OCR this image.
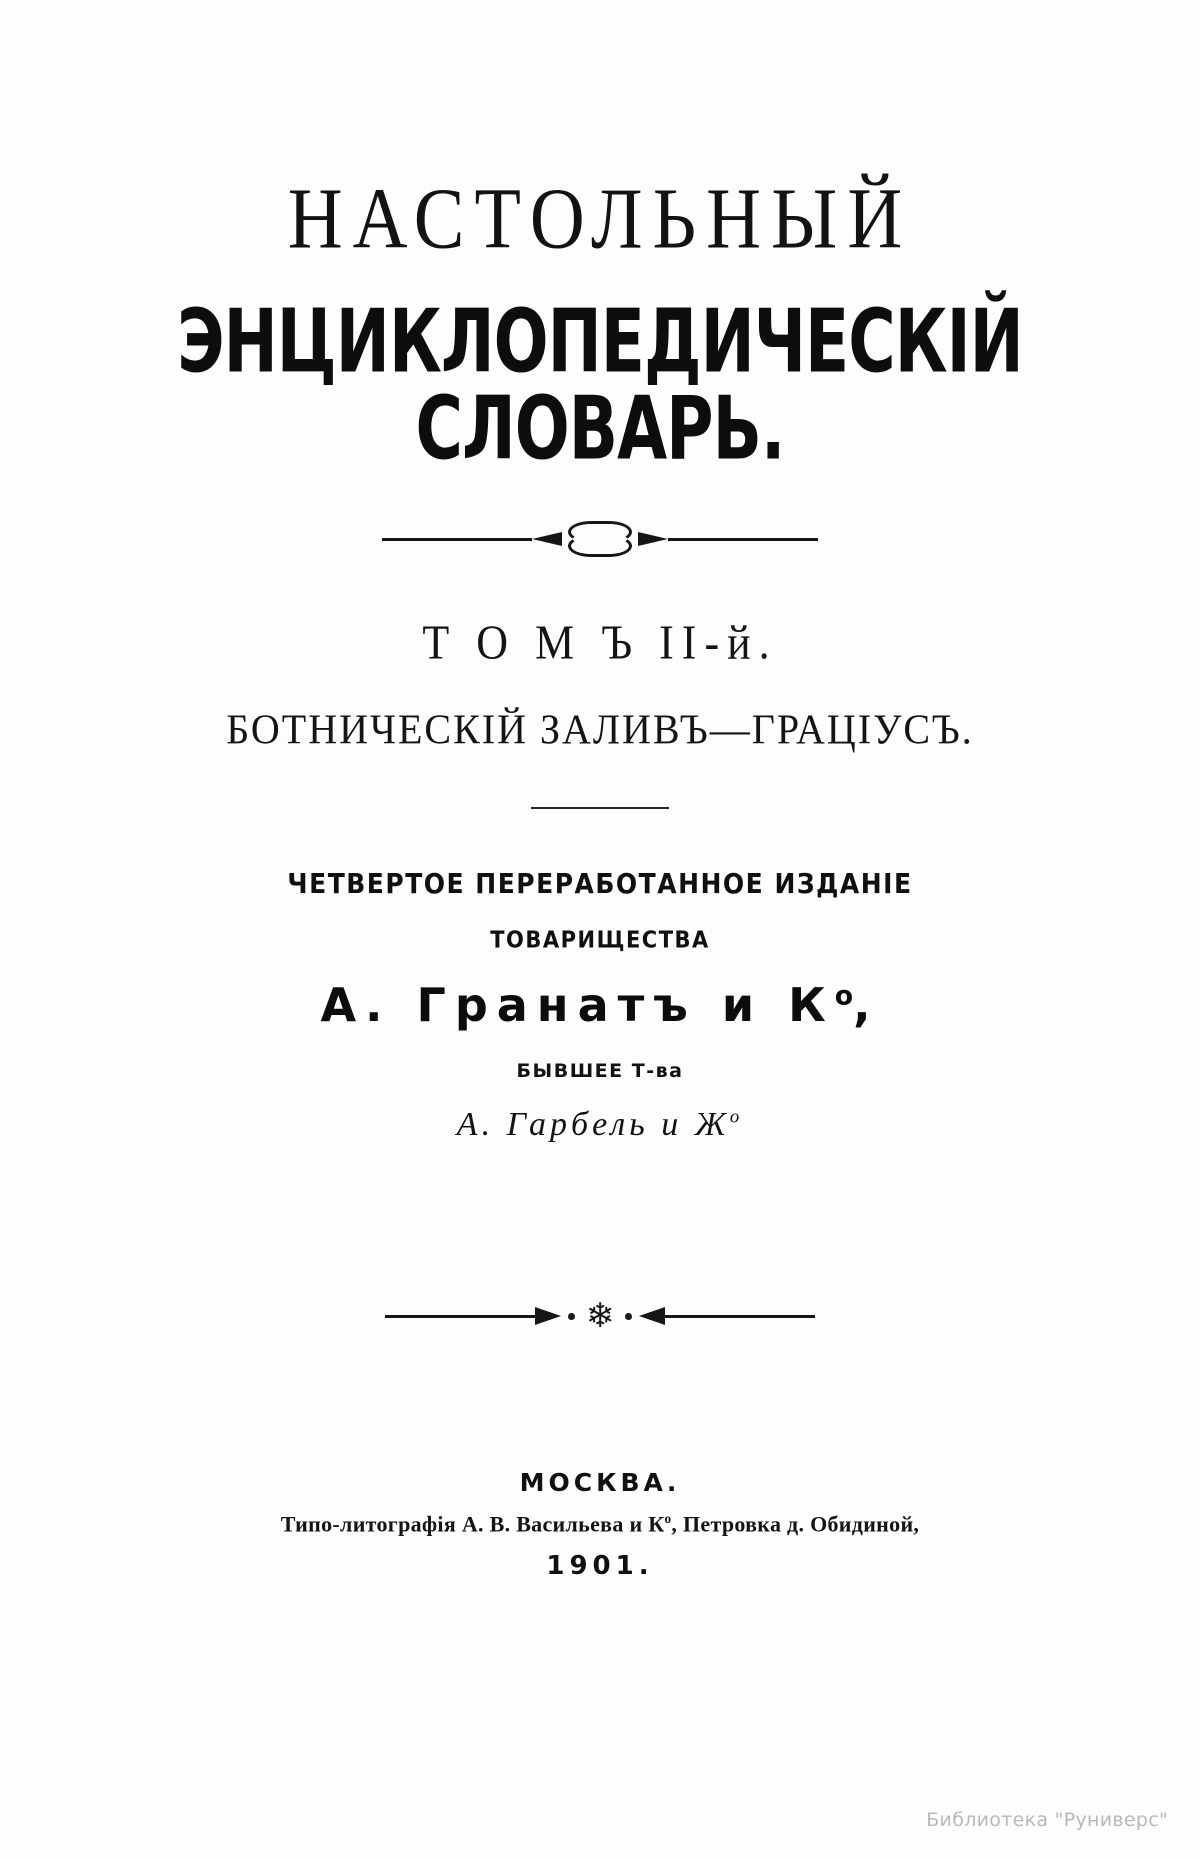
НАСТОЛЬНЫЙ
ЭНЦИКЛОПЕДИЧЕСКІЙ СЛОВАРЬ.
Т О М Ъ II-й.
БОТНИЧЕСКІЙ ЗАЛИВЪ—ГРАЦІУСЪ.
ЧЕТВЕРТОЕ ПЕРЕРАБОТАННОЕ ИЗДАНІЕ
ТОВАРИЩЕСТВА
А. Гранатъ и $К^о$,
БЫВШЕЕ Т-ва
А. Гарбель и $Ж^о$
❄
МОСКВА.
Типо-литографія А. В. Васильева и $К^о$, Петровка д. Обидиной,
1901.
Библиотека "Руниверс"
